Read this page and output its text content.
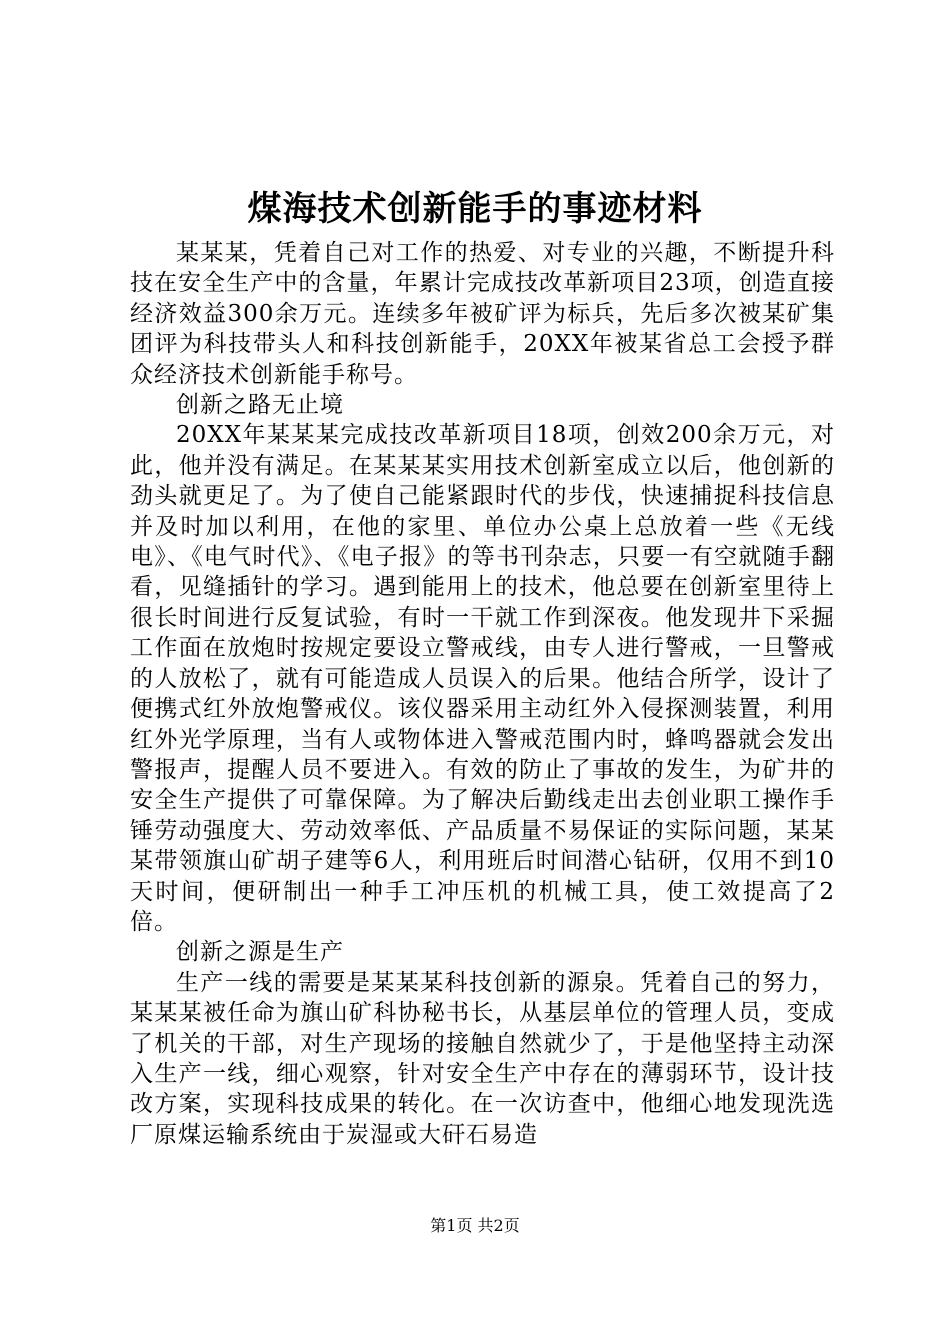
煤海技术创新能手的事迹材料

某某某，凭着自己对工作的热爱、对专业的兴趣，不断提升科技在安全生产中的含量，年累计完成技改革新项目23项，创造直接经济效益300余万元。连续多年被矿评为标兵，先后多次被某矿集团评为科技带头人和科技创新能手，20XX年被某省总工会授予群众经济技术创新能手称号。

创新之路无止境

20XX年某某某完成技改革新项目18项，创效200余万元，对此，他并没有满足。在某某某实用技术创新室成立以后，他创新的劲头就更足了。为了使自己能紧跟时代的步伐，快速捕捉科技信息并及时加以利用，在他的家里、单位办公桌上总放着一些《无线电》、《电气时代》、《电子报》的等书刊杂志，只要一有空就随手翻看，见缝插针的学习。遇到能用上的技术，他总要在创新室里待上很长时间进行反复试验，有时一干就工作到深夜。他发现井下采掘工作面在放炮时按规定要设立警戒线，由专人进行警戒，一旦警戒的人放松了，就有可能造成人员误入的后果。他结合所学，设计了便携式红外放炮警戒仪。该仪器采用主动红外入侵探测装置，利用红外光学原理，当有人或物体进入警戒范围内时，蜂鸣器就会发出警报声，提醒人员不要进入。有效的防止了事故的发生，为矿井的安全生产提供了可靠保障。为了解决后勤线走出去创业职工操作手锤劳动强度大、劳动效率低、产品质量不易保证的实际问题，某某某带领旗山矿胡子建等6人，利用班后时间潜心钻研，仅用不到10天时间，便研制出一种手工冲压机的机械工具，使工效提高了2倍。

创新之源是生产

生产一线的需要是某某某科技创新的源泉。凭着自己的努力，某某某被任命为旗山矿科协秘书长，从基层单位的管理人员，变成了机关的干部，对生产现场的接触自然就少了，于是他坚持主动深入生产一线，细心观察，针对安全生产中存在的薄弱环节，设计技改方案，实现科技成果的转化。在一次访查中，他细心地发现洗选厂原煤运输系统由于炭湿或大矸石易造

第1页 共2页
